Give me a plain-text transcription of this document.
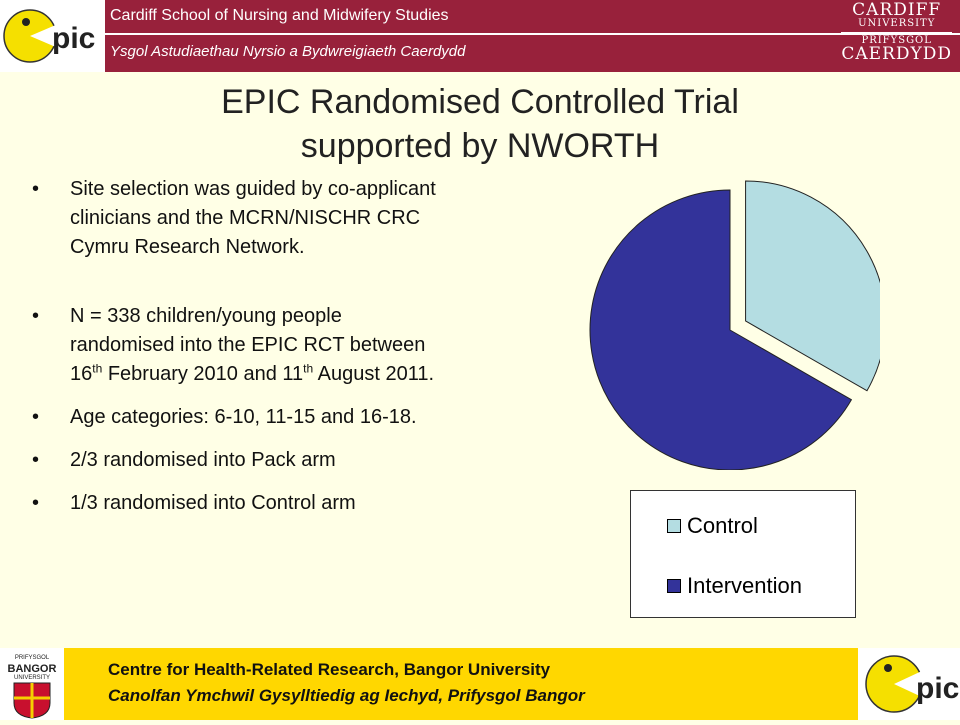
pic
Cardiff School of Nursing and Midwifery Studies
Ysgol Astudiaethau Nyrsio a Bydwreigiaeth Caerdydd
CARDIFF
UNIVERSITY
PRIFYSGOL
CAERDYDD
EPIC Randomised Controlled Trial
supported by NWORTH
• Site selection was guided by co-applicant clinicians and the MCRN/NISCHR CRC Cymru Research Network.
• N = 338 children/young people randomised into the EPIC RCT between 16th February 2010 and 11th August 2011.
• Age categories: 6-10, 11-15 and 16-18.
• 2/3 randomised into Pack arm
• 1/3 randomised into Control arm
Control
Intervention
PRIFYSGOL
BANGOR
UNIVERSITY	Centre for Health-Related Research, Bangor University
Canolfan Ymchwil Gysylltiedig ag Iechyd, Prifysgol Bangor	pic
